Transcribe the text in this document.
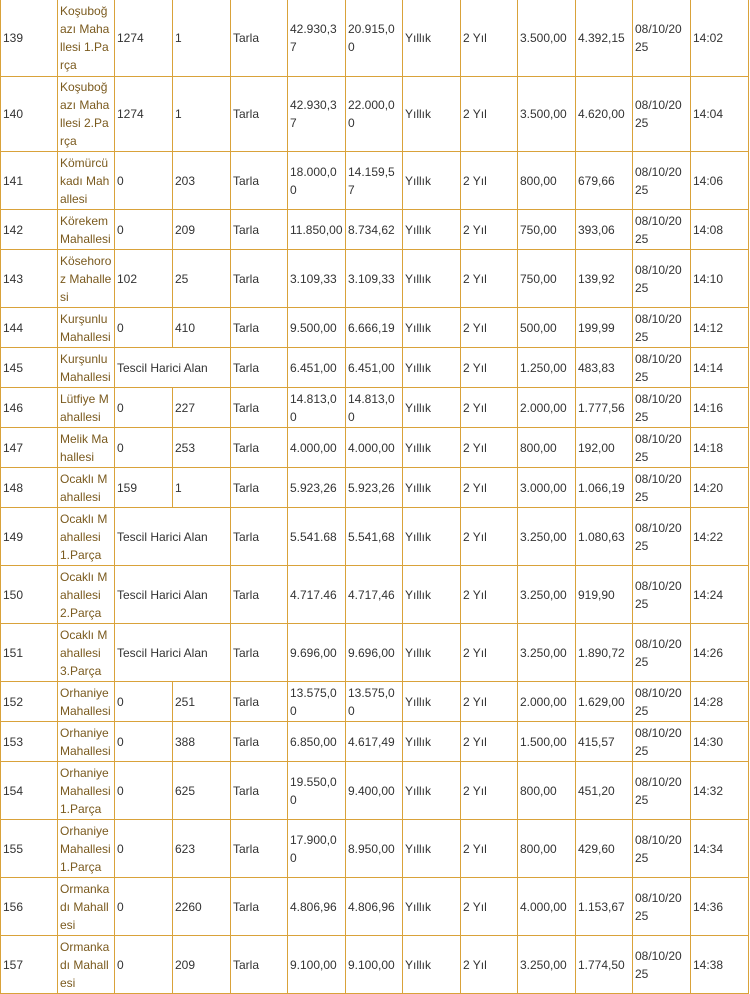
139	Koşuboğazı Mahallesi 1.Parça	1274	1	Tarla	42.930,37	20.915,00	Yıllık	2 Yıl	3.500,00	4.392,15	08/10/2025	14:02
140	Koşuboğazı Mahallesi 2.Parça	1274	1	Tarla	42.930,37	22.000,00	Yıllık	2 Yıl	3.500,00	4.620,00	08/10/2025	14:04
141	Kömürcükadı Mahallesi	0	203	Tarla	18.000,00	14.159,57	Yıllık	2 Yıl	800,00	679,66	08/10/2025	14:06
142	Körekem Mahallesi	0	209	Tarla	11.850,00	8.734,62	Yıllık	2 Yıl	750,00	393,06	08/10/2025	14:08
143	Kösehoroz Mahallesi	102	25	Tarla	3.109,33	3.109,33	Yıllık	2 Yıl	750,00	139,92	08/10/2025	14:10
144	Kurşunlu Mahallesi	0	410	Tarla	9.500,00	6.666,19	Yıllık	2 Yıl	500,00	199,99	08/10/2025	14:12
145	Kurşunlu Mahallesi	Tescil Harici Alan		Tarla	6.451,00	6.451,00	Yıllık	2 Yıl	1.250,00	483,83	08/10/2025	14:14
146	Lütfiye Mahallesi	0	227	Tarla	14.813,00	14.813,00	Yıllık	2 Yıl	2.000,00	1.777,56	08/10/2025	14:16
147	Melik Mahallesi	0	253	Tarla	4.000,00	4.000,00	Yıllık	2 Yıl	800,00	192,00	08/10/2025	14:18
148	Ocaklı Mahallesi	159	1	Tarla	5.923,26	5.923,26	Yıllık	2 Yıl	3.000,00	1.066,19	08/10/2025	14:20
149	Ocaklı Mahallesi 1.Parça	Tescil Harici Alan		Tarla	5.541.68	5.541,68	Yıllık	2 Yıl	3.250,00	1.080,63	08/10/2025	14:22
150	Ocaklı Mahallesi 2.Parça	Tescil Harici Alan		Tarla	4.717.46	4.717,46	Yıllık	2 Yıl	3.250,00	919,90	08/10/2025	14:24
151	Ocaklı Mahallesi 3.Parça	Tescil Harici Alan		Tarla	9.696,00	9.696,00	Yıllık	2 Yıl	3.250,00	1.890,72	08/10/2025	14:26
152	Orhaniye Mahallesi	0	251	Tarla	13.575,00	13.575,00	Yıllık	2 Yıl	2.000,00	1.629,00	08/10/2025	14:28
153	Orhaniye Mahallesi	0	388	Tarla	6.850,00	4.617,49	Yıllık	2 Yıl	1.500,00	415,57	08/10/2025	14:30
154	Orhaniye Mahallesi 1.Parça	0	625	Tarla	19.550,00	9.400,00	Yıllık	2 Yıl	800,00	451,20	08/10/2025	14:32
155	Orhaniye Mahallesi 1.Parça	0	623	Tarla	17.900,00	8.950,00	Yıllık	2 Yıl	800,00	429,60	08/10/2025	14:34
156	Ormankadı Mahallesi	0	2260	Tarla	4.806,96	4.806,96	Yıllık	2 Yıl	4.000,00	1.153,67	08/10/2025	14:36
157	Ormankadı Mahallesi	0	209	Tarla	9.100,00	9.100,00	Yıllık	2 Yıl	3.250,00	1.774,50	08/10/2025	14:38
